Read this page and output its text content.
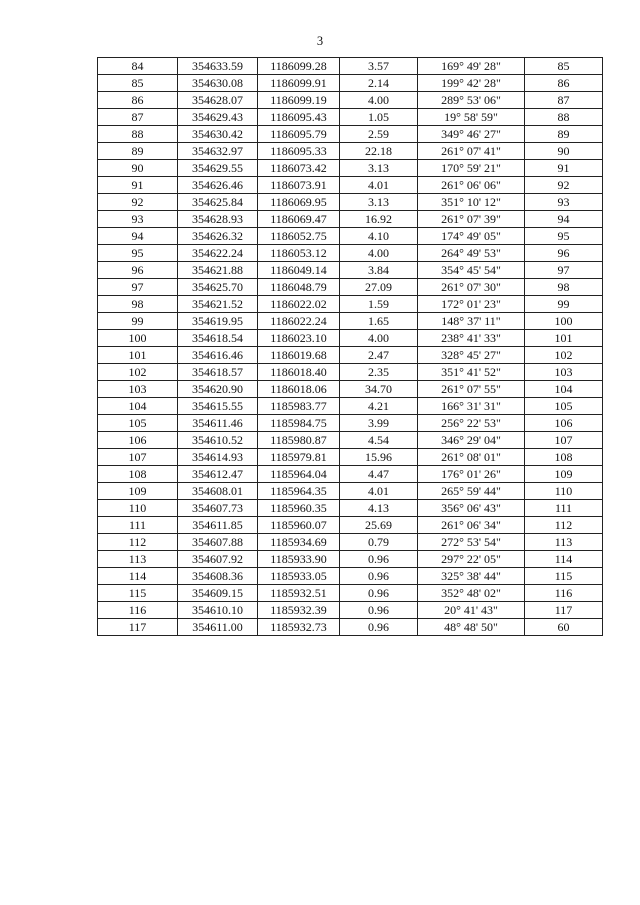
3
84	354633.59	1186099.28	3.57	169° 49' 28"	85
85	354630.08	1186099.91	2.14	199° 42' 28"	86
86	354628.07	1186099.19	4.00	289° 53' 06"	87
87	354629.43	1186095.43	1.05	19° 58' 59"	88
88	354630.42	1186095.79	2.59	349° 46' 27"	89
89	354632.97	1186095.33	22.18	261° 07' 41"	90
90	354629.55	1186073.42	3.13	170° 59' 21"	91
91	354626.46	1186073.91	4.01	261° 06' 06"	92
92	354625.84	1186069.95	3.13	351° 10' 12"	93
93	354628.93	1186069.47	16.92	261° 07' 39"	94
94	354626.32	1186052.75	4.10	174° 49' 05"	95
95	354622.24	1186053.12	4.00	264° 49' 53"	96
96	354621.88	1186049.14	3.84	354° 45' 54"	97
97	354625.70	1186048.79	27.09	261° 07' 30"	98
98	354621.52	1186022.02	1.59	172° 01' 23"	99
99	354619.95	1186022.24	1.65	148° 37' 11"	100
100	354618.54	1186023.10	4.00	238° 41' 33"	101
101	354616.46	1186019.68	2.47	328° 45' 27"	102
102	354618.57	1186018.40	2.35	351° 41' 52"	103
103	354620.90	1186018.06	34.70	261° 07' 55"	104
104	354615.55	1185983.77	4.21	166° 31' 31"	105
105	354611.46	1185984.75	3.99	256° 22' 53"	106
106	354610.52	1185980.87	4.54	346° 29' 04"	107
107	354614.93	1185979.81	15.96	261° 08' 01"	108
108	354612.47	1185964.04	4.47	176° 01' 26"	109
109	354608.01	1185964.35	4.01	265° 59' 44"	110
110	354607.73	1185960.35	4.13	356° 06' 43"	111
111	354611.85	1185960.07	25.69	261° 06' 34"	112
112	354607.88	1185934.69	0.79	272° 53' 54"	113
113	354607.92	1185933.90	0.96	297° 22' 05"	114
114	354608.36	1185933.05	0.96	325° 38' 44"	115
115	354609.15	1185932.51	0.96	352° 48' 02"	116
116	354610.10	1185932.39	0.96	20° 41' 43"	117
117	354611.00	1185932.73	0.96	48° 48' 50"	60
